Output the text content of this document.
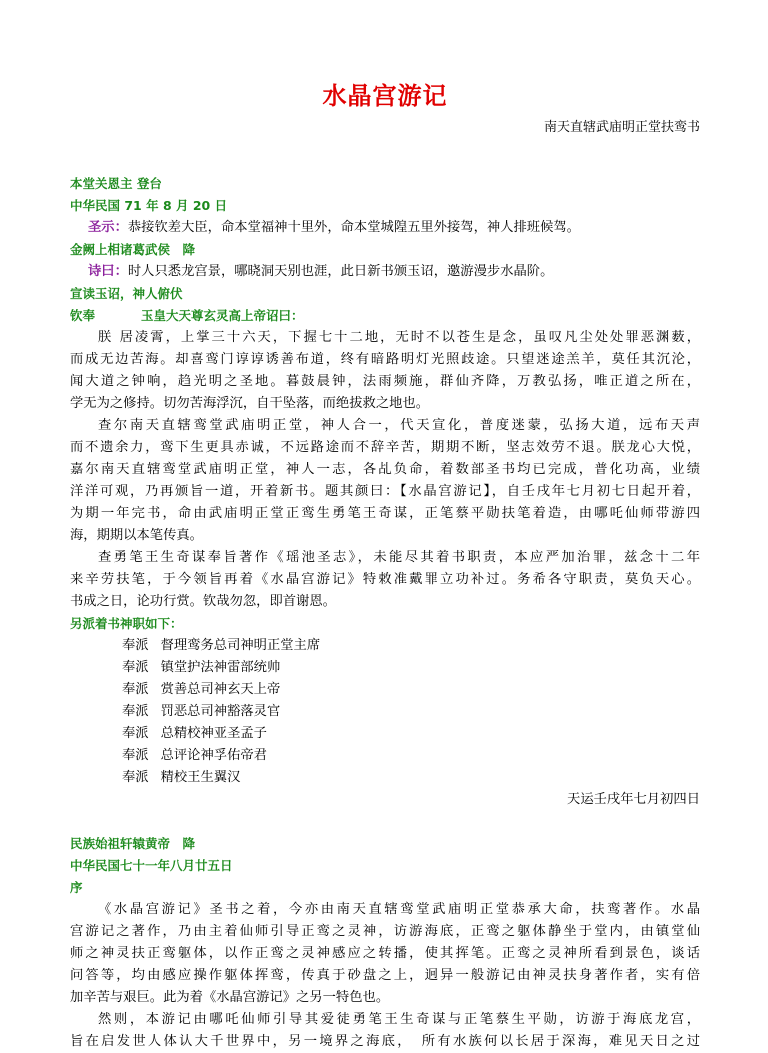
水晶宫游记
南天直辖武庙明正堂扶鸾书
本堂关恩主 登台
中华民国 71 年 8 月 20 日
圣示：恭接钦差大臣，命本堂福神十里外，命本堂城隍五里外接驾，神人排班候驾。
金阙上相诸葛武侯　降
诗曰：时人只悉龙宫景，哪晓洞天别也涯，此日新书颁玉诏，邀游漫步水晶阶。
宣读玉诏，神人俯伏
钦奉	玉皇大天尊玄灵高上帝诏曰：
朕 居凌霄，上掌三十六天，下握七十二地，无时不以苍生是念，虽叹凡尘处处罪恶渊薮，
而成无边苦海。却喜鸾门谆谆诱善布道，终有暗路明灯光照歧途。只望迷途羔羊，莫任其沉沦，
闻大道之钟响，趋光明之圣地。暮鼓晨钟，法雨频施，群仙齐降，万教弘扬，唯正道之所在，
学无为之修持。切勿苦海浮沉，自干坠落，而绝拔救之地也。
查尔南天直辖鸾堂武庙明正堂，神人合一，代天宣化，普度迷蒙，弘扬大道，远布天声
而不遗余力，鸾下生更具赤诚，不远路途而不辞辛苦，期期不断，坚志效劳不退。朕龙心大悦，
嘉尔南天直辖鸾堂武庙明正堂，神人一志，各乩负命，着数部圣书均已完成，普化功高，业绩
洋洋可观，乃再颁旨一道，开着新书。题其颜曰：【水晶宫游记】，自壬戌年七月初七日起开着，
为期一年完书，命由武庙明正堂正鸾生勇笔王奇谋，正笔蔡平勋扶笔着造，由哪吒仙师带游四
海，期期以本笔传真。
查勇笔王生奇谋奉旨著作《瑶池圣志》，未能尽其着书职责，本应严加治罪，兹念十二年
来辛劳扶笔，于今领旨再着《水晶宫游记》特敕准戴罪立功补过。务希各守职责，莫负天心。
书成之日，论功行赏。钦哉勿忽，即首谢恩。
另派着书神职如下：
奉派 督理鸾务总司神明正堂主席
奉派 镇堂护法神雷部统帅
奉派 赏善总司神玄天上帝
奉派 罚恶总司神豁落灵官
奉派 总精校神亚圣孟子
奉派 总评论神孚佑帝君
奉派 精校王生翼汉
天运壬戌年七月初四日
民族始祖轩辕黄帝　降
中华民国七十一年八月廿五日
序
《水晶宫游记》圣书之着，今亦由南天直辖鸾堂武庙明正堂恭承大命，扶鸾著作。水晶
宫游记之著作，乃由主着仙师引导正鸾之灵神，访游海底，正鸾之躯体静坐于堂内，由镇堂仙
师之神灵扶正鸾躯体，以作正鸾之灵神感应之转播，使其挥笔。正鸾之灵神所看到景色，谈话
问答等，均由感应操作躯体挥鸾，传真于砂盘之上，迥异一般游记由神灵扶身著作者，实有倍
加辛苦与艰巨。此为着《水晶宫游记》之另一特色也。
然则，本游记由哪吒仙师引导其爱徒勇笔王生奇谋与正笔蔡生平勋，访游于海底龙宫，
旨在启发世人体认大千世界中，另一境界之海底，　所有水族何以长居于深海，难见天日之过
